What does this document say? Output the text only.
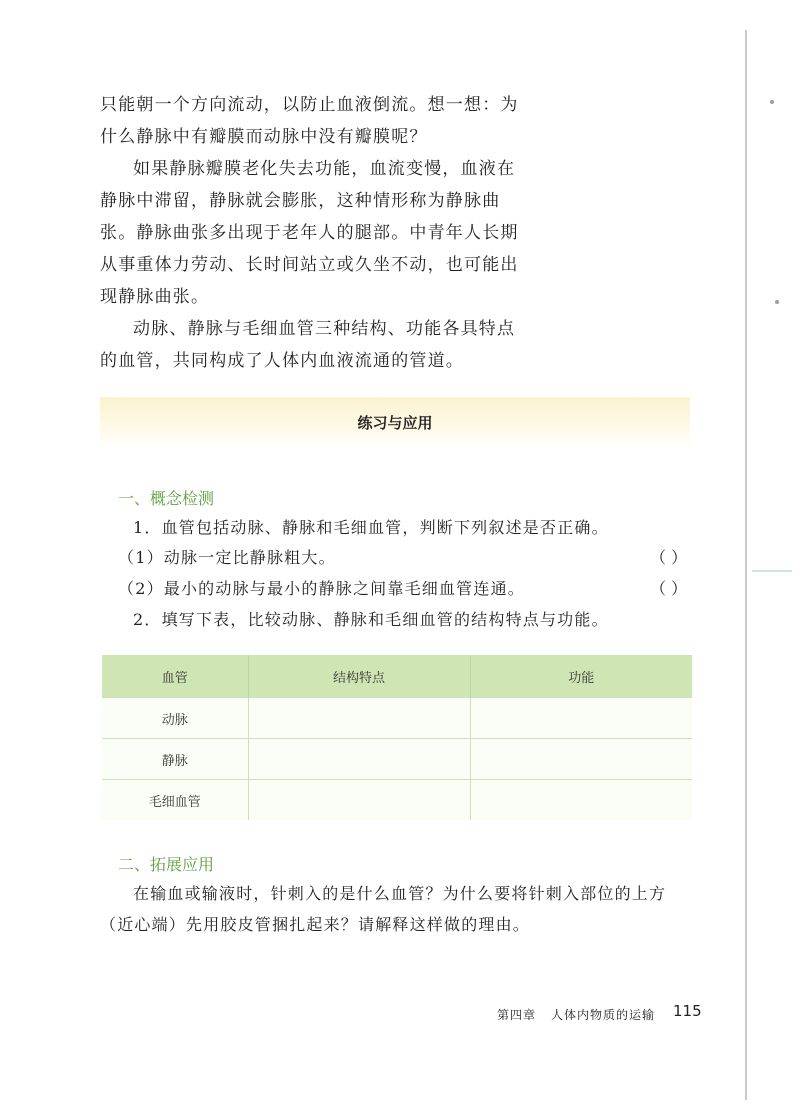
只能朝一个方向流动，以防止血液倒流。想一想：为

什么静脉中有瓣膜而动脉中没有瓣膜呢？

如果静脉瓣膜老化失去功能，血流变慢，血液在

静脉中滞留，静脉就会膨胀，这种情形称为静脉曲

张。静脉曲张多出现于老年人的腿部。中青年人长期

从事重体力劳动、长时间站立或久坐不动，也可能出

现静脉曲张。

动脉、静脉与毛细血管三种结构、功能各具特点

的血管，共同构成了人体内血液流通的管道。

练习与应用
一、概念检测

1．血管包括动脉、静脉和毛细血管，判断下列叙述是否正确。

（1）动脉一定比静脉粗大。	（ ）

（2）最小的动脉与最小的静脉之间靠毛细血管连通。	（ ）

2．填写下表，比较动脉、静脉和毛细血管的结构特点与功能。

血管	结构特点	功能
动脉		
静脉		
毛细血管		
二、拓展应用

在输血或输液时，针刺入的是什么血管？为什么要将针刺入部位的上方

（近心端）先用胶皮管捆扎起来？请解释这样做的理由。

第四章 人体内物质的运输 115
